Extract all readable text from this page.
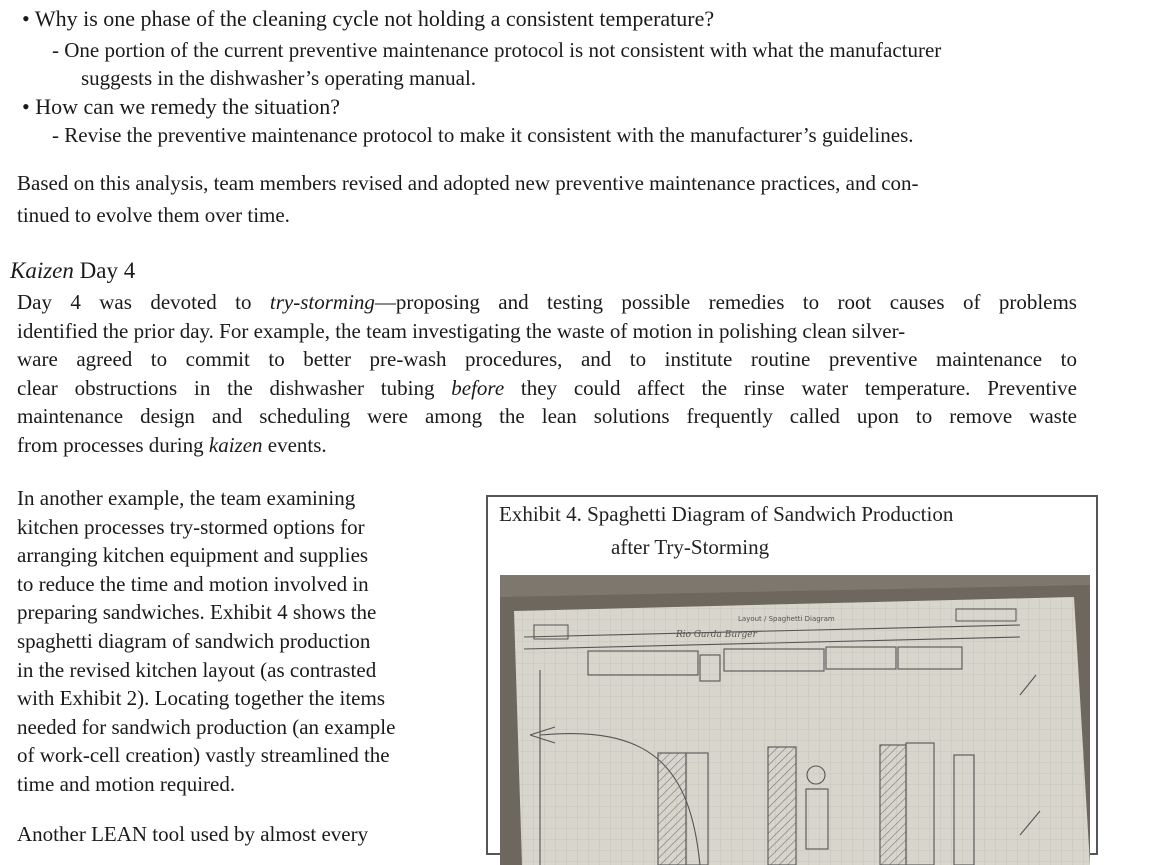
• Why is one phase of the cleaning cycle not holding a consistent temperature?
- One portion of the current preventive maintenance protocol is not consistent with what the manufacturer
suggests in the dishwasher’s operating manual.
• How can we remedy the situation?
- Revise the preventive maintenance protocol to make it consistent with the manufacturer’s guidelines.
Based on this analysis, team members revised and adopted new preventive maintenance practices, and con-
tinued to evolve them over time.
Kaizen Day 4
Day 4 was devoted to try-storming—proposing and testing possible remedies to root causes of problems
identified the prior day. For example, the team investigating the waste of motion in polishing clean silver-
ware agreed to commit to better pre-wash procedures, and to institute routine preventive maintenance to
clear obstructions in the dishwasher tubing before they could affect the rinse water temperature. Preventive
maintenance design and scheduling were among the lean solutions frequently called upon to remove waste
from processes during kaizen events.
In another example, the team examining
kitchen processes try-stormed options for
arranging kitchen equipment and supplies
to reduce the time and motion involved in
preparing sandwiches. Exhibit 4 shows the
spaghetti diagram of sandwich production
in the revised kitchen layout (as contrasted
with Exhibit 2). Locating together the items
needed for sandwich production (an example
of work-cell creation) vastly streamlined the
time and motion required.
Another LEAN tool used by almost every
Exhibit 4. Spaghetti Diagram of Sandwich Production
after Try-Storming
Layout / Spaghetti Diagram
Rio Garda Burger
